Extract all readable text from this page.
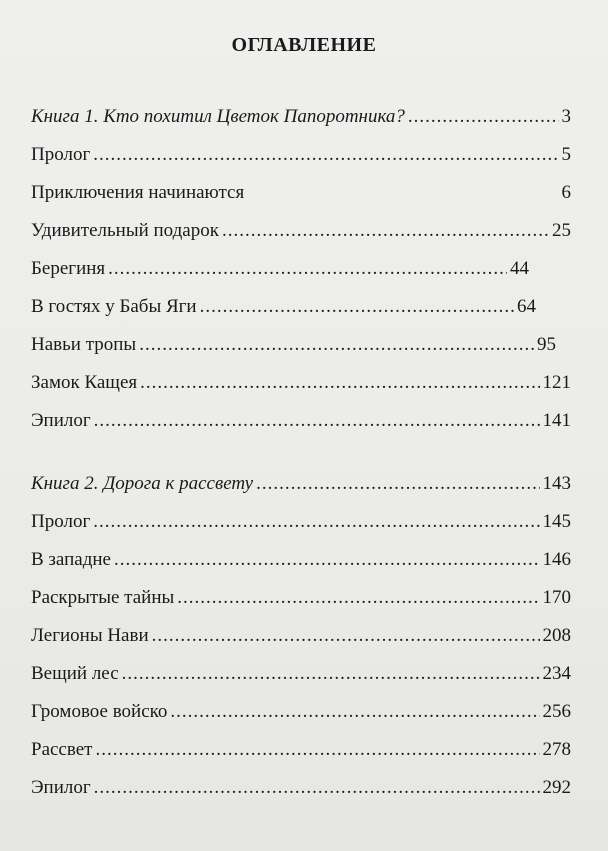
ОГЛАВЛЕНИЕ
Книга 1. Кто похитил Цветок Папоротника? .....	3
Пролог .....	5
Приключения начинаются	6
Удивительный подарок .....	25
Берегиня .....	44
В гостях у Бабы Яги .....	64
Навьи тропы .....	95
Замок Кащея .....	121
Эпилог .....	141
Книга 2. Дорога к рассвету .....	143
Пролог .....	145
В западне .....	146
Раскрытые тайны .....	170
Легионы Нави .....	208
Вещий лес .....	234
Громовое войско .....	256
Рассвет .....	278
Эпилог .....	292
